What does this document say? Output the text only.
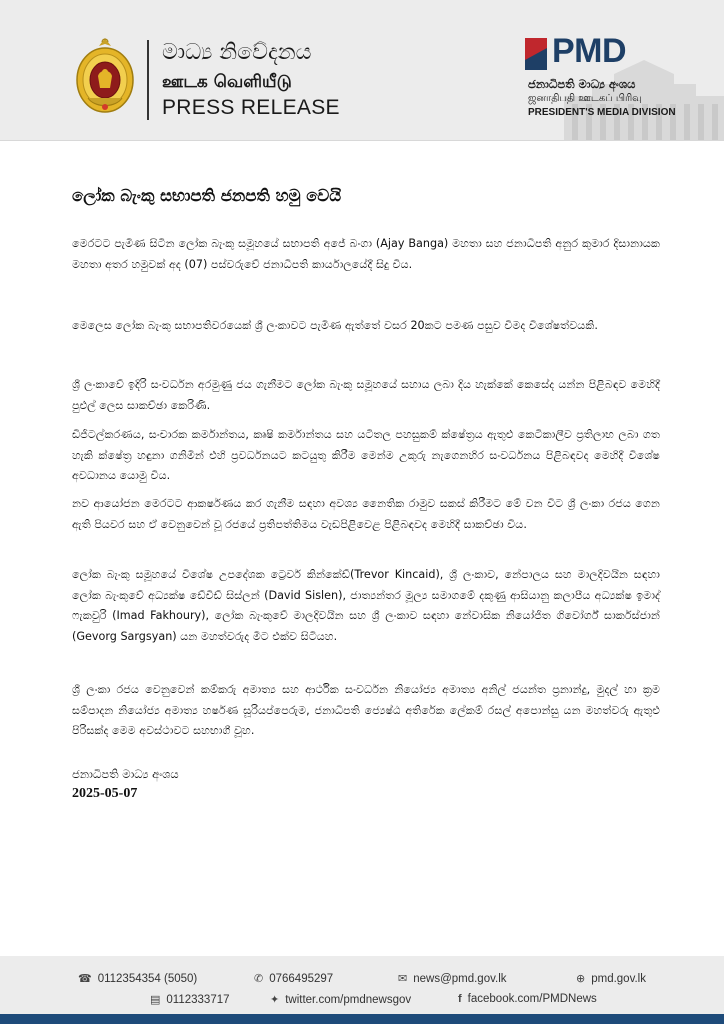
මාධ්‍ය නිවේදනය
ஊடக வெளியீடு
PRESS RELEASE
PMD
ජනාධිපති මාධ්‍ය අංශය
ஜனாதிபதி ஊடகப் பிரிவு
PRESIDENT'S MEDIA DIVISION
ලෝක බැංකු සභාපති ජනපති හමු වෙයි

මෙරටට පැමිණ සිටින ලෝක බැංකු සමූහයේ සභාපති අජේ බංගා (Ajay Banga) මහතා සහ ජනාධිපති අනුර කුමාර දිසානායක මහතා අතර හමුවක් අද (07) පස්වරුවේ ජනාධිපති කාර්යාලයේදී සිදු විය.

මෙලෙස ලෝක බැංකු සභාපතිවරයෙක් ශ්‍රී ලංකාවට පැමිණ ඇත්තේ වසර 20කට පමණ පසුව වීමද විශේෂත්වයකි.

ශ්‍රී ලංකාවේ ඉදිරි සංවර්ධන අරමුණු ජය ගැනීමට ලෝක බැංකු සමූහයේ සහාය ලබා දිය හැක්කේ කෙසේද යන්න පිළිබඳව මෙහිදී පුළුල් ලෙස සාකච්ඡා කෙරිණි.

ඩිජිටල්කරණය, සංචාරක කර්මාන්තය, කෘෂි කර්මාන්තය සහ යටිතල පහසුකම් ක්ෂේත්‍රය ඇතුළු කෙටිකාලීව ප්‍රතිලාභ ලබා ගත හැකි ක්ෂේත්‍ර හඳුනා ගනිමින් එහි ප්‍රවර්ධනයට කටයුතු කිරීම මෙන්ම උකුරු නැගෙනහිර සංවර්ධනය පිළිබඳවද මෙහිදී විශේෂ අවධානය යොමු විය.

නව ආයෝජන මෙරටට ආකර්ෂණය කර ගැනීම සඳහා අවශ්‍ය නෛතික රාමුව සකස් කිරීමට මේ වන විට ශ්‍රී ලංකා රජය ගෙන ඇති පියවර සහ ඒ වෙනුවෙන් වූ රජයේ ප්‍රතිපත්තිමය වැඩපිළිවෙළ පිළිබඳවද මෙහිදී සාකච්ඡා විය.

ලෝක බැංකු සමූහයේ විශේෂ උපදේශක ට්‍රෙවර් කින්කේඩ්(Trevor Kincaid), ශ්‍රී ලංකාව, නේපාලය සහ මාලදිවයින සඳහා ලෝක බැංකුවේ අධ්‍යක්ෂ ඩේවිඩ් සිස්ලන් (David Sislen), ජාත්‍යන්තර මූල්‍ය සමාගමේ දකුණු ආසියානු කලාපීය අධ්‍යක්ෂ ඉමාද් ෆැකවුරි (Imad Fakhoury), ලෝක බැංකුවේ මාලදිවයින සහ ශ්‍රී ලංකාව සඳහා නේවාසික නියෝජිත ගිවෝර්ග් සාර්කස්ජාන් (Gevorg Sargsyan) යන මහත්වරුද මීට එක්ව සිටියහ.

ශ්‍රී ලංකා රජය වෙනුවෙන් කම්කරු අමාත්‍ය සහ ආර්ථික සංවර්ධන නියෝජ්‍ය අමාත්‍ය අනිල් ජයන්ත ප්‍රනාන්දු, මුදල් හා ක්‍රම සම්පාදන නියෝජ්‍ය අමාත්‍ය හර්ෂණ සූරියප්පෙරුම, ජනාධිපති ජ්‍යෙෂ්ඨ අතිරේක ලේකම් රසල් අපොන්සු යන මහත්වරු ඇතුළු පිරිසක්ද මෙම අවස්ථාවට සහභාගී වූහ.

ජනාධිපති මාධ්‍ය අංශය
2025-05-07
☎ 0112354354 (5050)	✆ 0766495297	✉ news@pmd.gov.lk	⊕ pmd.gov.lk
▤ 0112333717	✦ twitter.com/pmdnewsgov	f facebook.com/PMDNews
